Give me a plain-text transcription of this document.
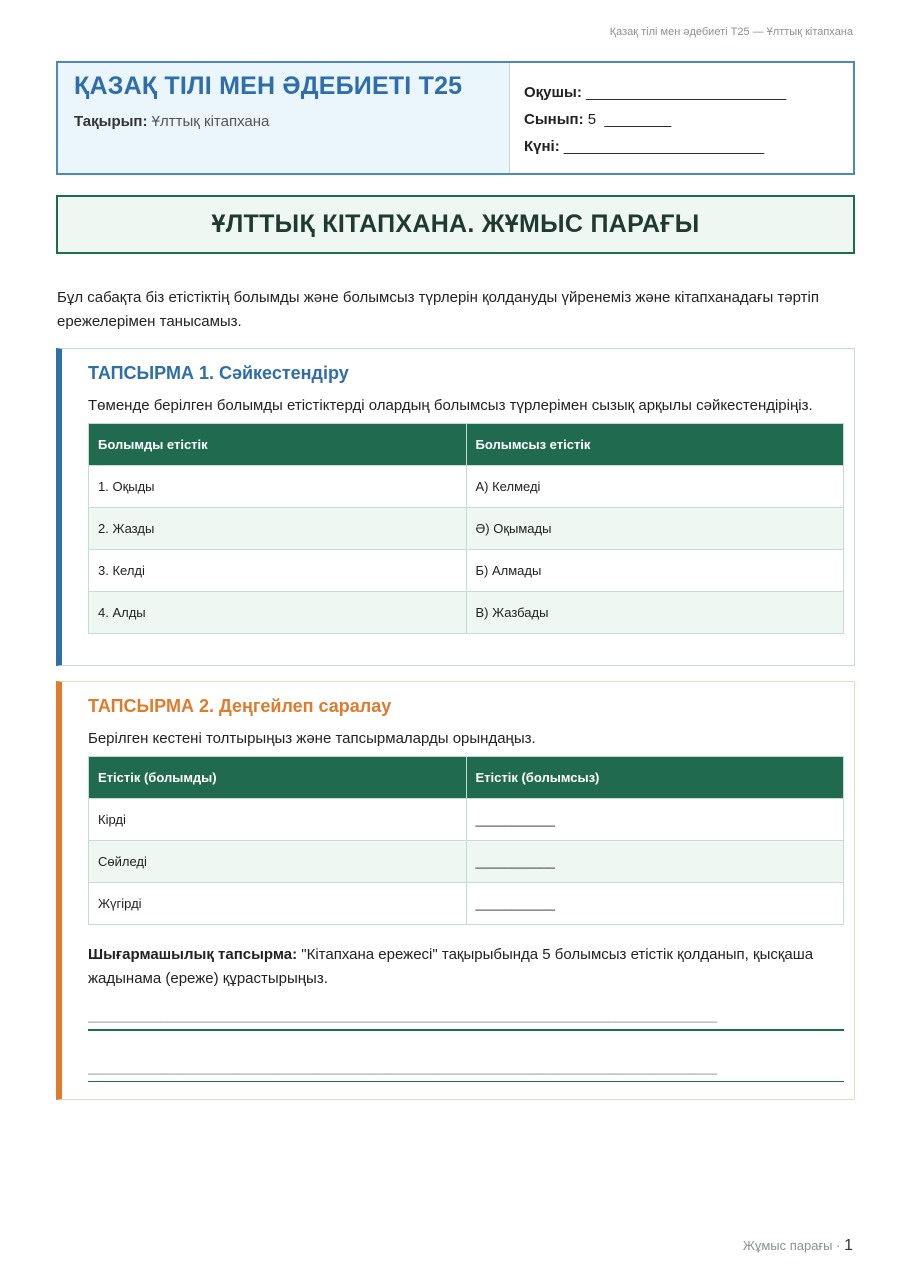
Қазақ тілі мен әдебиеті Т25 — Ұлттық кітапхана
ҚАЗАҚ ТІЛІ МЕН ӘДЕБИЕТІ Т25
Тақырып: Ұлттық кітапхана
Оқушы: ________________________
Сынып: 5 ________
Күні: ________________________
ҰЛТТЫҚ КІТАПХАНА. ЖҰМЫС ПАРАҒЫ
Бұл сабақта біз етістіктің болымды және болымсыз түрлерін қолдануды үйренеміз және кітапханадағы тәртіп ережелерімен танысамыз.
ТАПСЫРМА 1. Сәйкестендіру

Төменде берілген болымды етістіктерді олардың болымсыз түрлерімен сызық арқылы сәйкестендіріңіз.

Болымды етістік	Болымсыз етістік
1. Оқыды	А) Келмеді
2. Жазды	Ә) Оқымады
3. Келді	Б) Алмады
4. Алды	В) Жазбады
ТАПСЫРМА 2. Деңгейлеп саралау

Берілген кестені толтырыңыз және тапсырмаларды орындаңыз.

Етістік (болымды)	Етістік (болымсыз)
Кірді	___________
Сөйледі	___________
Жүгірді	___________
Шығармашылық тапсырма: "Кітапхана ережесі" тақырыбында 5 болымсыз етістік қолданып, қысқаша жадынама (ереже) құрастырыңыз.
_______________________________________________________________________________________
_______________________________________________________________________________________
Жұмыс парағы · 1
